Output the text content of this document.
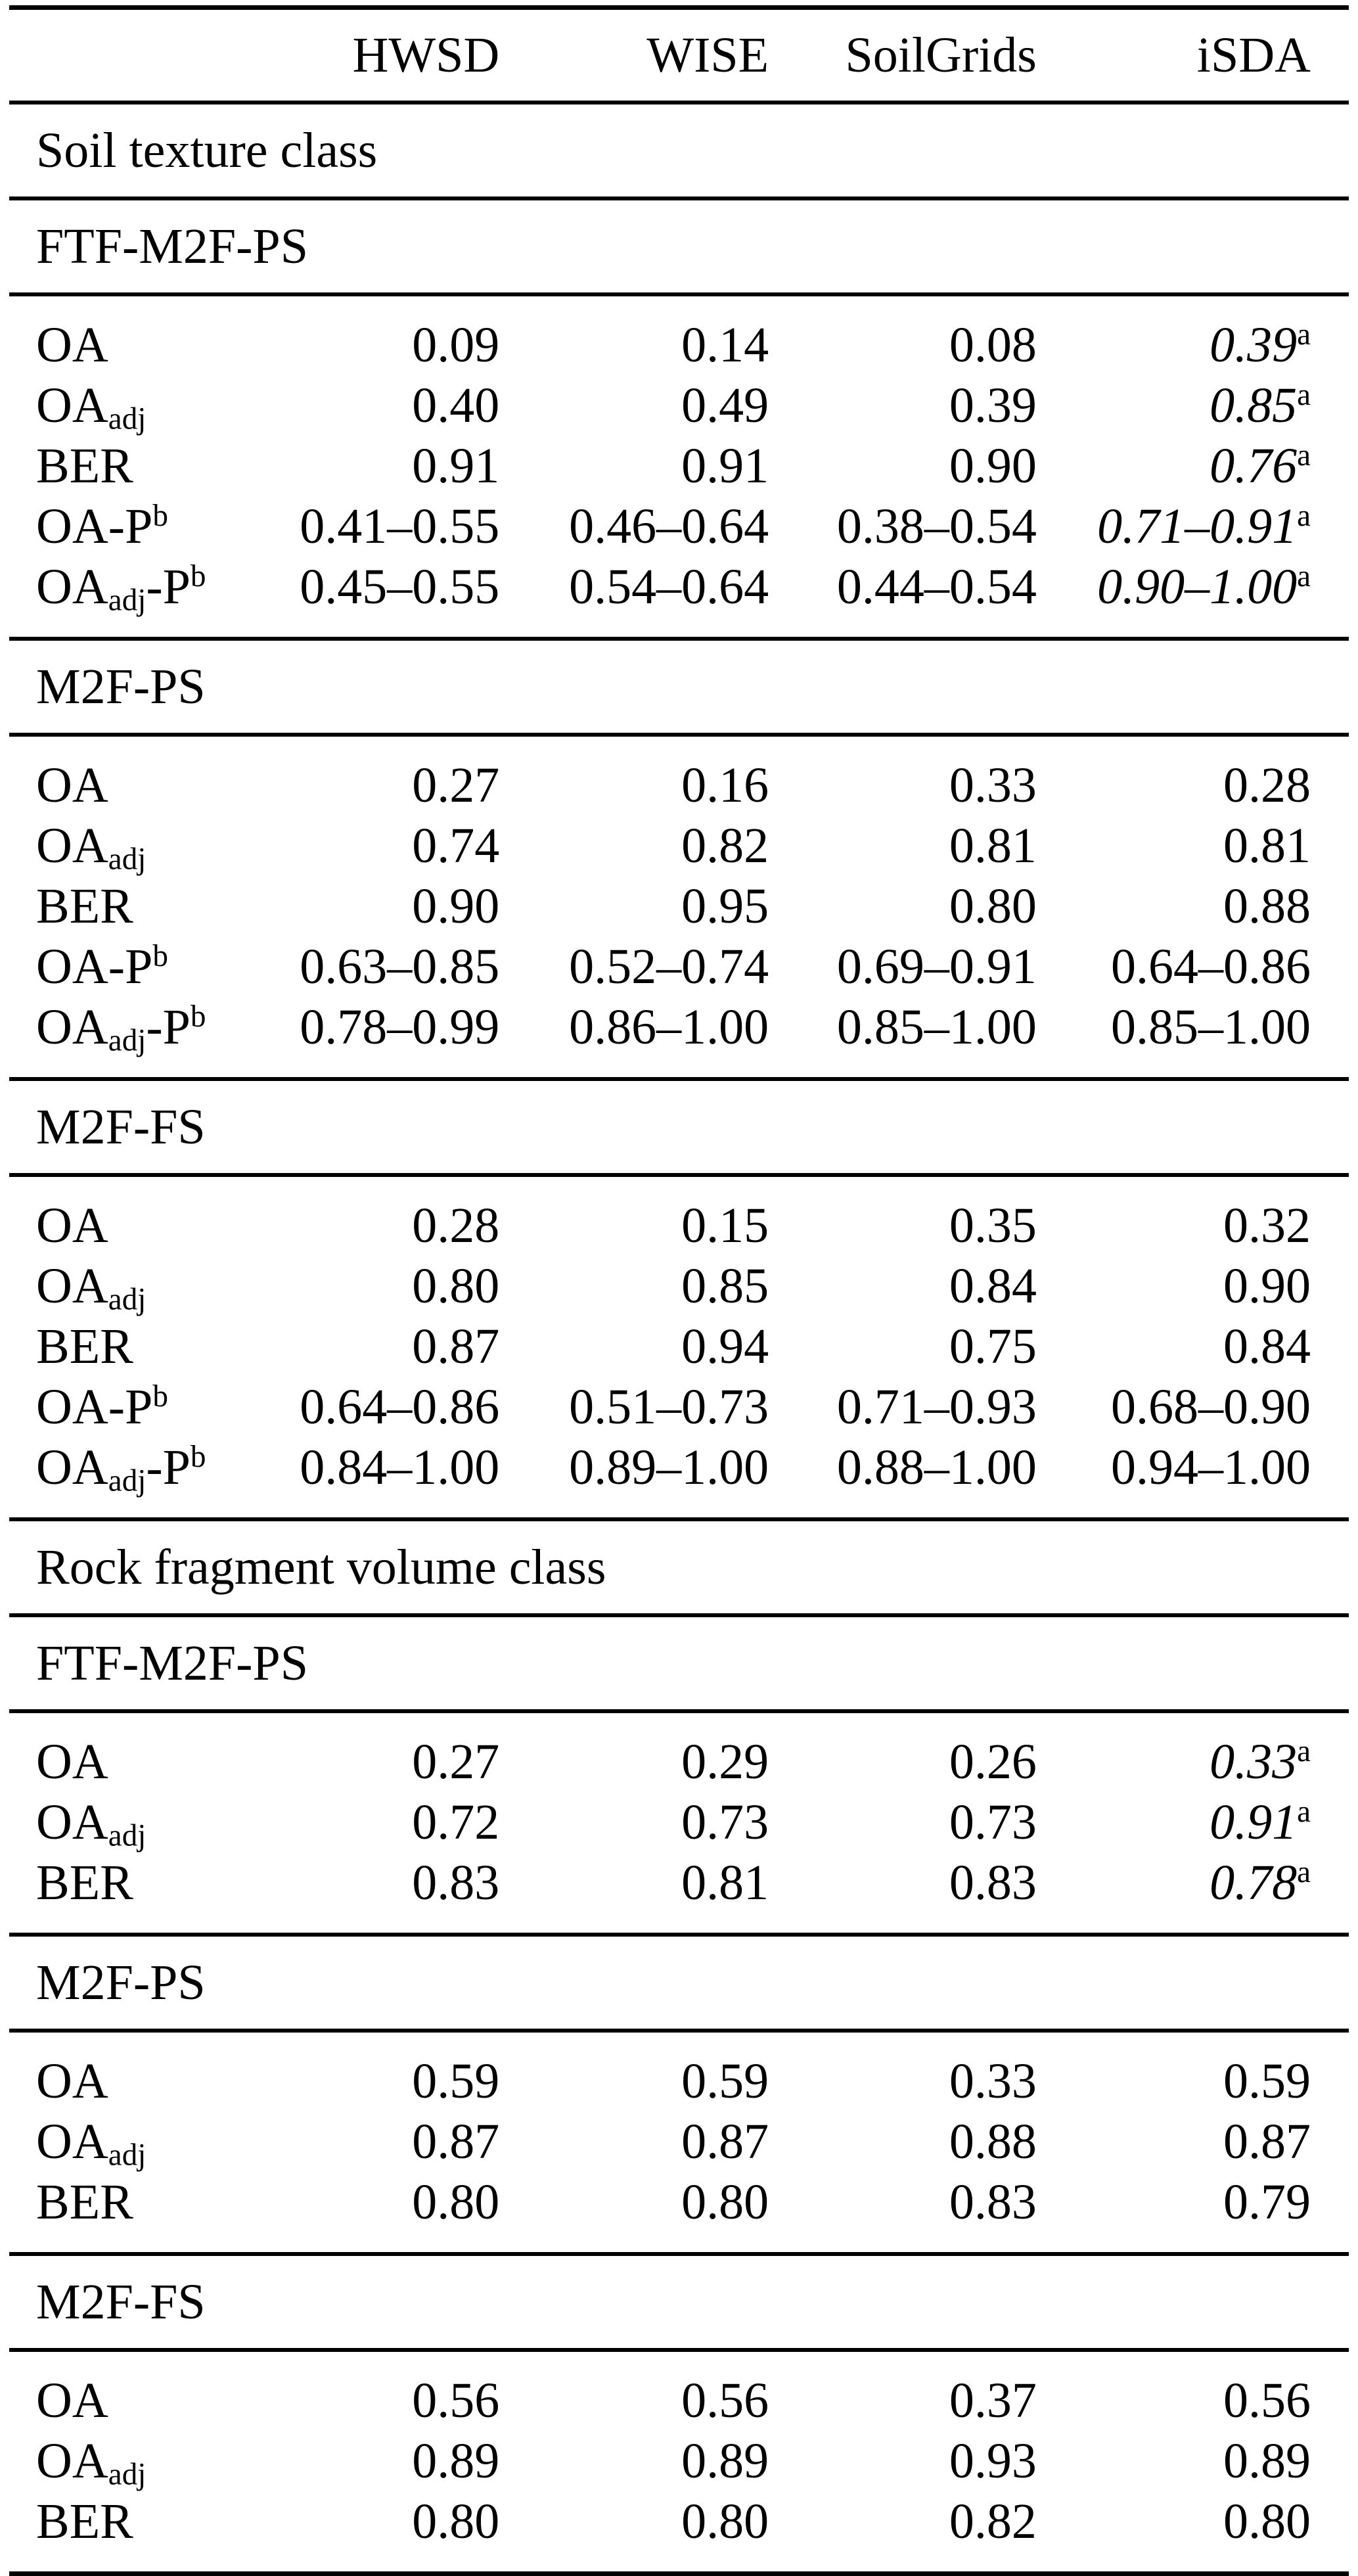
	HWSD	WISE	SoilGrids	iSDA
Soil texture class				
FTF-M2F-PS				
OA	0.09	0.14	0.08	0.39$^a$
$OA_{adj}$	0.40	0.49	0.39	0.85$^a$
BER	0.91	0.91	0.90	0.76$^a$
$OA-P^b$	0.41–0.55	0.46–0.64	0.38–0.54	0.71–0.91$^a$
$OA_{adj}-P^b$	0.45–0.55	0.54–0.64	0.44–0.54	0.90–1.00$^a$
M2F-PS				
OA	0.27	0.16	0.33	0.28
$OA_{adj}$	0.74	0.82	0.81	0.81
BER	0.90	0.95	0.80	0.88
$OA-P^b$	0.63–0.85	0.52–0.74	0.69–0.91	0.64–0.86
$OA_{adj}-P^b$	0.78–0.99	0.86–1.00	0.85–1.00	0.85–1.00
M2F-FS				
OA	0.28	0.15	0.35	0.32
$OA_{adj}$	0.80	0.85	0.84	0.90
BER	0.87	0.94	0.75	0.84
$OA-P^b$	0.64–0.86	0.51–0.73	0.71–0.93	0.68–0.90
$OA_{adj}-P^b$	0.84–1.00	0.89–1.00	0.88–1.00	0.94–1.00
Rock fragment volume class				
FTF-M2F-PS				
OA	0.27	0.29	0.26	0.33$^a$
$OA_{adj}$	0.72	0.73	0.73	0.91$^a$
BER	0.83	0.81	0.83	0.78$^a$
M2F-PS				
OA	0.59	0.59	0.33	0.59
$OA_{adj}$	0.87	0.87	0.88	0.87
BER	0.80	0.80	0.83	0.79
M2F-FS				
OA	0.56	0.56	0.37	0.56
$OA_{adj}$	0.89	0.89	0.93	0.89
BER	0.80	0.80	0.82	0.80
